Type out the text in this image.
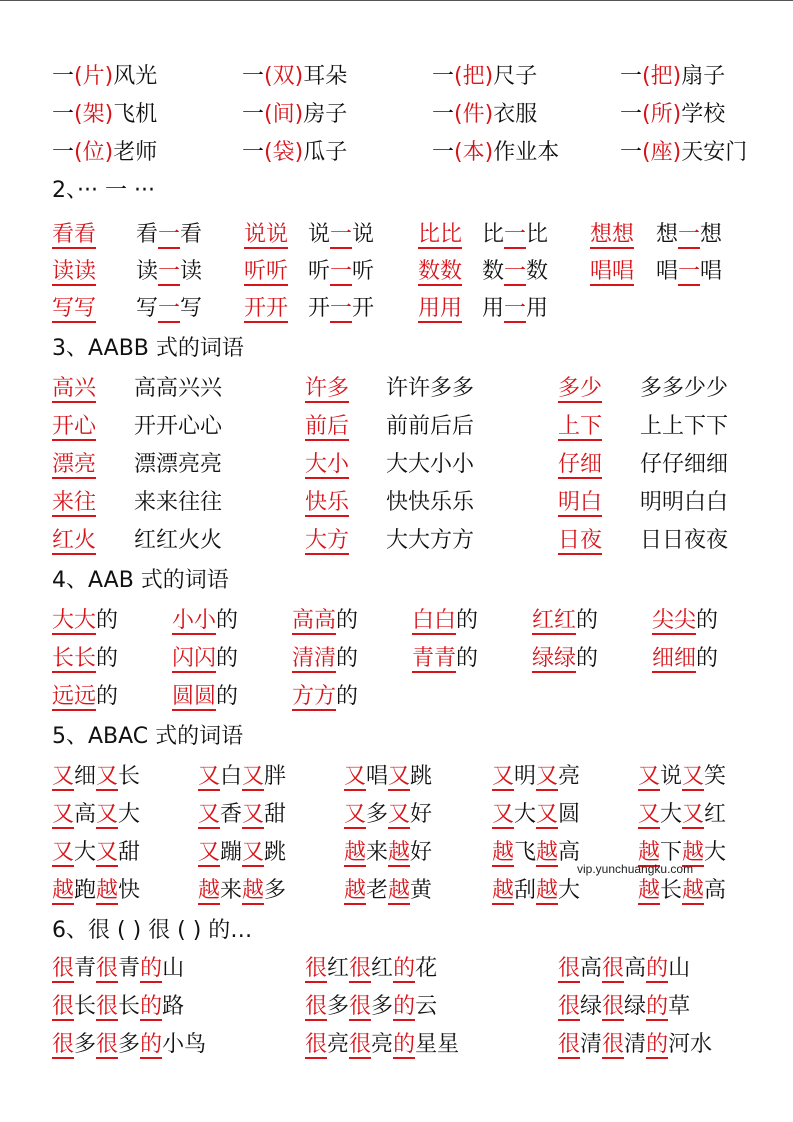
一(片)风光	一(双)耳朵	一(把)尺子	一(把)扇子
一(架)飞机	一(间)房子	一(件)衣服	一(所)学校
一(位)老师	一(袋)瓜子	一(本)作业本	一(座)天安门
2、··· 一 ···
看看 看一看 说说 说一说 比比 比一比 想想 想一想
读读 读一读 听听 听一听 数数 数一数 唱唱 唱一唱
写写 写一写 开开 开一开 用用 用一用
3、AABB 式的词语
高兴 高高兴兴	许多 许许多多	多少 多多少少
开心 开开心心	前后 前前后后	上下 上上下下
漂亮 漂漂亮亮	大小 大大小小	仔细 仔仔细细
来往 来来往往	快乐 快快乐乐	明白 明明白白
红火 红红火火	大方 大大方方	日夜 日日夜夜
4、AAB 式的词语
大大的 小小的 高高的 白白的 红红的 尖尖的
长长的 闪闪的 清清的 青青的 绿绿的 细细的
远远的 圆圆的 方方的
5、ABAC 式的词语
又细又长	又白又胖	又唱又跳	又明又亮	又说又笑
又高又大	又香又甜	又多又好	又大又圆	又大又红
又大又甜	又蹦又跳	越来越好	越飞越高	越下越大
越跑越快	越来越多	越老越黄	越刮越大	越长越高
6、很 ( ) 很 ( ) 的…
很青很青的山	很红很红的花	很高很高的山
很长很长的路	很多很多的云	很绿很绿的草
很多很多的小鸟	很亮很亮的星星	很清很清的河水
vip.yunchuangku.com
